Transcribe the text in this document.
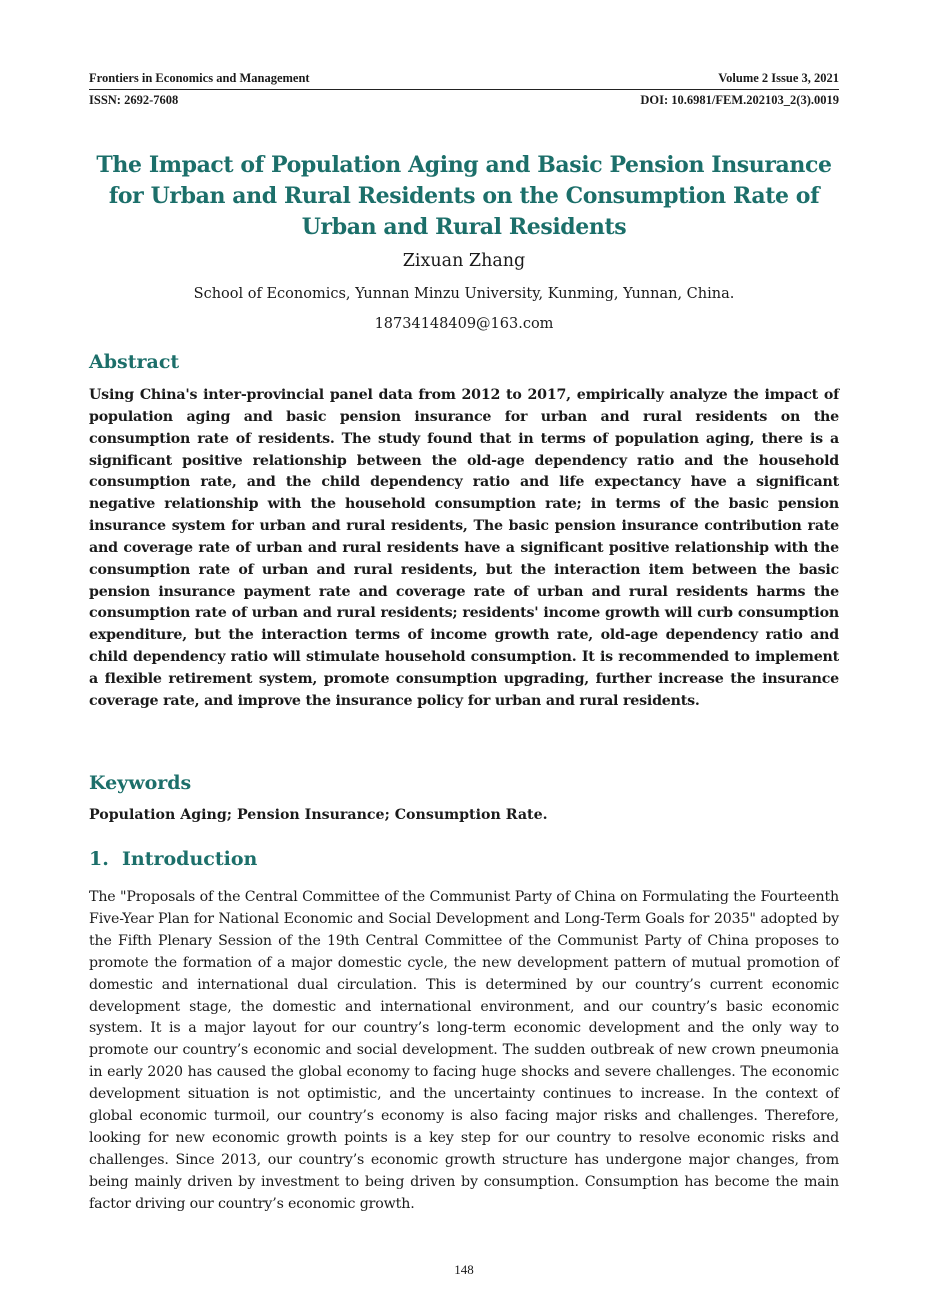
Frontiers in Economics and Management	Volume 2 Issue 3, 2021
ISSN: 2692-7608	DOI: 10.6981/FEM.202103_2(3).0019
The Impact of Population Aging and Basic Pension Insurance for Urban and Rural Residents on the Consumption Rate of Urban and Rural Residents
Zixuan Zhang
School of Economics, Yunnan Minzu University, Kunming, Yunnan, China.
18734148409@163.com
Abstract
Using China's inter-provincial panel data from 2012 to 2017, empirically analyze the impact of population aging and basic pension insurance for urban and rural residents on the consumption rate of residents. The study found that in terms of population aging, there is a significant positive relationship between the old-age dependency ratio and the household consumption rate, and the child dependency ratio and life expectancy have a significant negative relationship with the household consumption rate; in terms of the basic pension insurance system for urban and rural residents, The basic pension insurance contribution rate and coverage rate of urban and rural residents have a significant positive relationship with the consumption rate of urban and rural residents, but the interaction item between the basic pension insurance payment rate and coverage rate of urban and rural residents harms the consumption rate of urban and rural residents; residents' income growth will curb consumption expenditure, but the interaction terms of income growth rate, old-age dependency ratio and child dependency ratio will stimulate household consumption. It is recommended to implement a flexible retirement system, promote consumption upgrading, further increase the insurance coverage rate, and improve the insurance policy for urban and rural residents.
Keywords
Population Aging; Pension Insurance; Consumption Rate.
1. Introduction
The "Proposals of the Central Committee of the Communist Party of China on Formulating the Fourteenth Five-Year Plan for National Economic and Social Development and Long-Term Goals for 2035" adopted by the Fifth Plenary Session of the 19th Central Committee of the Communist Party of China proposes to promote the formation of a major domestic cycle, the new development pattern of mutual promotion of domestic and international dual circulation. This is determined by our country’s current economic development stage, the domestic and international environment, and our country’s basic economic system. It is a major layout for our country’s long-term economic development and the only way to promote our country’s economic and social development. The sudden outbreak of new crown pneumonia in early 2020 has caused the global economy to facing huge shocks and severe challenges. The economic development situation is not optimistic, and the uncertainty continues to increase. In the context of global economic turmoil, our country’s economy is also facing major risks and challenges. Therefore, looking for new economic growth points is a key step for our country to resolve economic risks and challenges. Since 2013, our country’s economic growth structure has undergone major changes, from being mainly driven by investment to being driven by consumption. Consumption has become the main factor driving our country’s economic growth.
148
